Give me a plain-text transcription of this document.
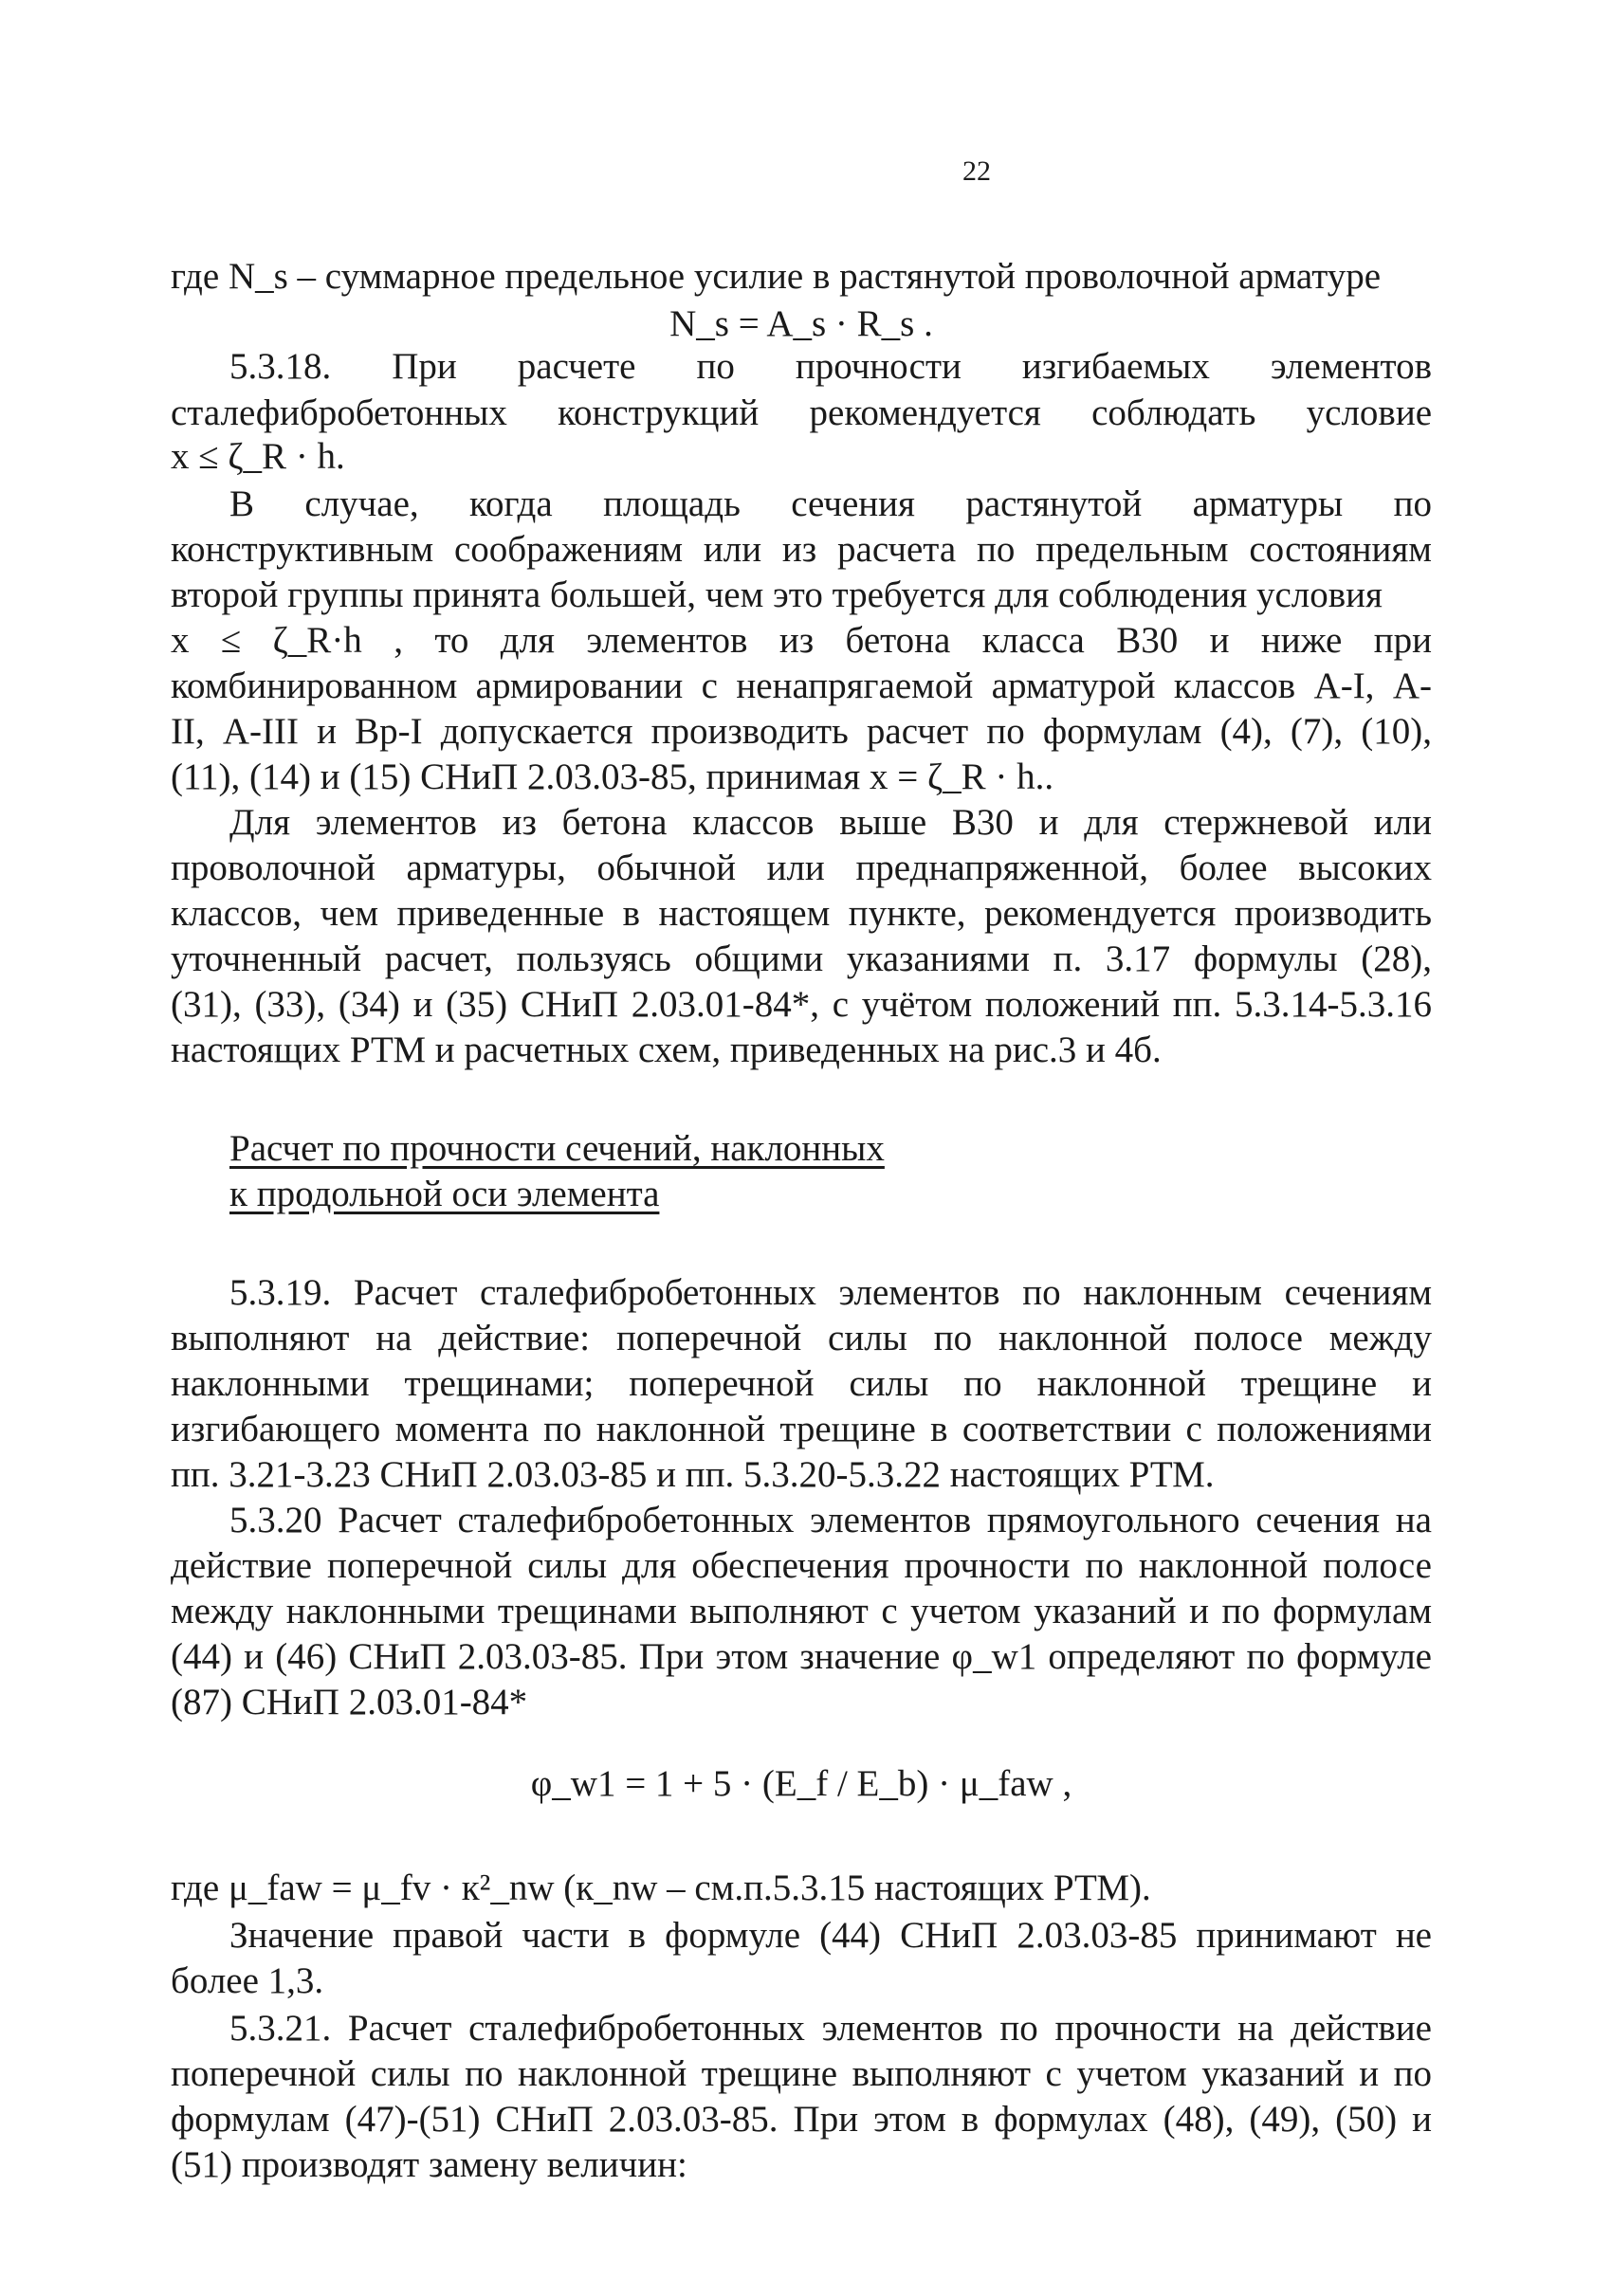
22
где N_s – суммарное предельное усилие в растянутой проволочной арматуре
N_s = A_s · R_s .
5.3.18. При расчете по прочности изгибаемых элементов
сталефибробетонных конструкций рекомендуется соблюдать условие
x ≤ ζ_R · h.
В случае, когда площадь сечения растянутой арматуры по
конструктивным соображениям или из расчета по предельным состояниям
второй группы принята большей, чем это требуется для соблюдения условия
x ≤ ζ_R·h , то для элементов из бетона класса В30 и ниже при
комбинированном армировании с ненапрягаемой арматурой классов А-I, А-
II, А-III и Вр-I допускается производить расчет по формулам (4), (7), (10),
(11), (14) и (15) СНиП 2.03.03-85, принимая x = ζ_R · h..
Для элементов из бетона классов выше В30 и для стержневой или
проволочной арматуры, обычной или преднапряженной, более высоких
классов, чем приведенные в настоящем пункте, рекомендуется производить
уточненный расчет, пользуясь общими указаниями п. 3.17 формулы (28),
(31), (33), (34) и (35) СНиП 2.03.01-84*, с учётом положений пп. 5.3.14-5.3.16
настоящих РТМ и расчетных схем, приведенных на рис.3 и 4б.
Расчет по прочности сечений, наклонных
к продольной оси элемента
5.3.19. Расчет сталефибробетонных элементов по наклонным сечениям
выполняют на действие: поперечной силы по наклонной полосе между
наклонными трещинами; поперечной силы по наклонной трещине и
изгибающего момента по наклонной трещине в соответствии с положениями
пп. 3.21-3.23 СНиП 2.03.03-85 и пп. 5.3.20-5.3.22 настоящих РТМ.
5.3.20 Расчет сталефибробетонных элементов прямоугольного сечения на
действие поперечной силы для обеспечения прочности по наклонной полосе
между наклонными трещинами выполняют с учетом указаний и по формулам
(44) и (46) СНиП 2.03.03-85. При этом значение φ_w1 определяют по формуле
(87) СНиП 2.03.01-84*
φ_w1 = 1 + 5 · (E_f / E_b) · μ_faw ,
где μ_faw = μ_fv · к²_nw (к_nw – см.п.5.3.15 настоящих РТМ).
Значение правой части в формуле (44) СНиП 2.03.03-85 принимают не
более 1,3.
5.3.21. Расчет сталефибробетонных элементов по прочности на действие
поперечной силы по наклонной трещине выполняют с учетом указаний и по
формулам (47)-(51) СНиП 2.03.03-85. При этом в формулах (48), (49), (50) и
(51) производят замену величин:
